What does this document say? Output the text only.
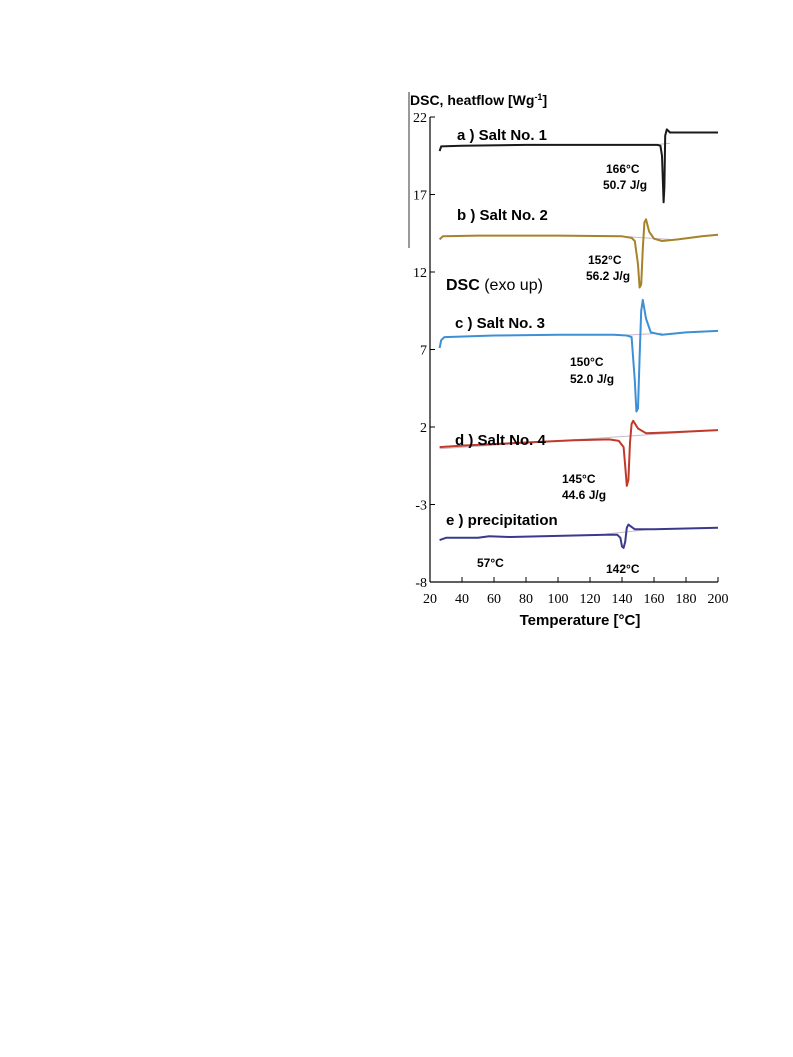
DSC, heatflow $[Wg^{-1}]$
Temperature [°C]
DSC (exo up)
22
17
12
7
2
-3
-8
20 40 60 80 100 120 140 160 180 200
a ) Salt No. 1
b ) Salt No. 2
c ) Salt No. 3
d ) Salt No. 4
e ) precipitation
166°C
50.7 J/g
152°C
56.2 J/g
150°C
52.0 J/g
145°C
44.6 J/g
57°C	142°C
